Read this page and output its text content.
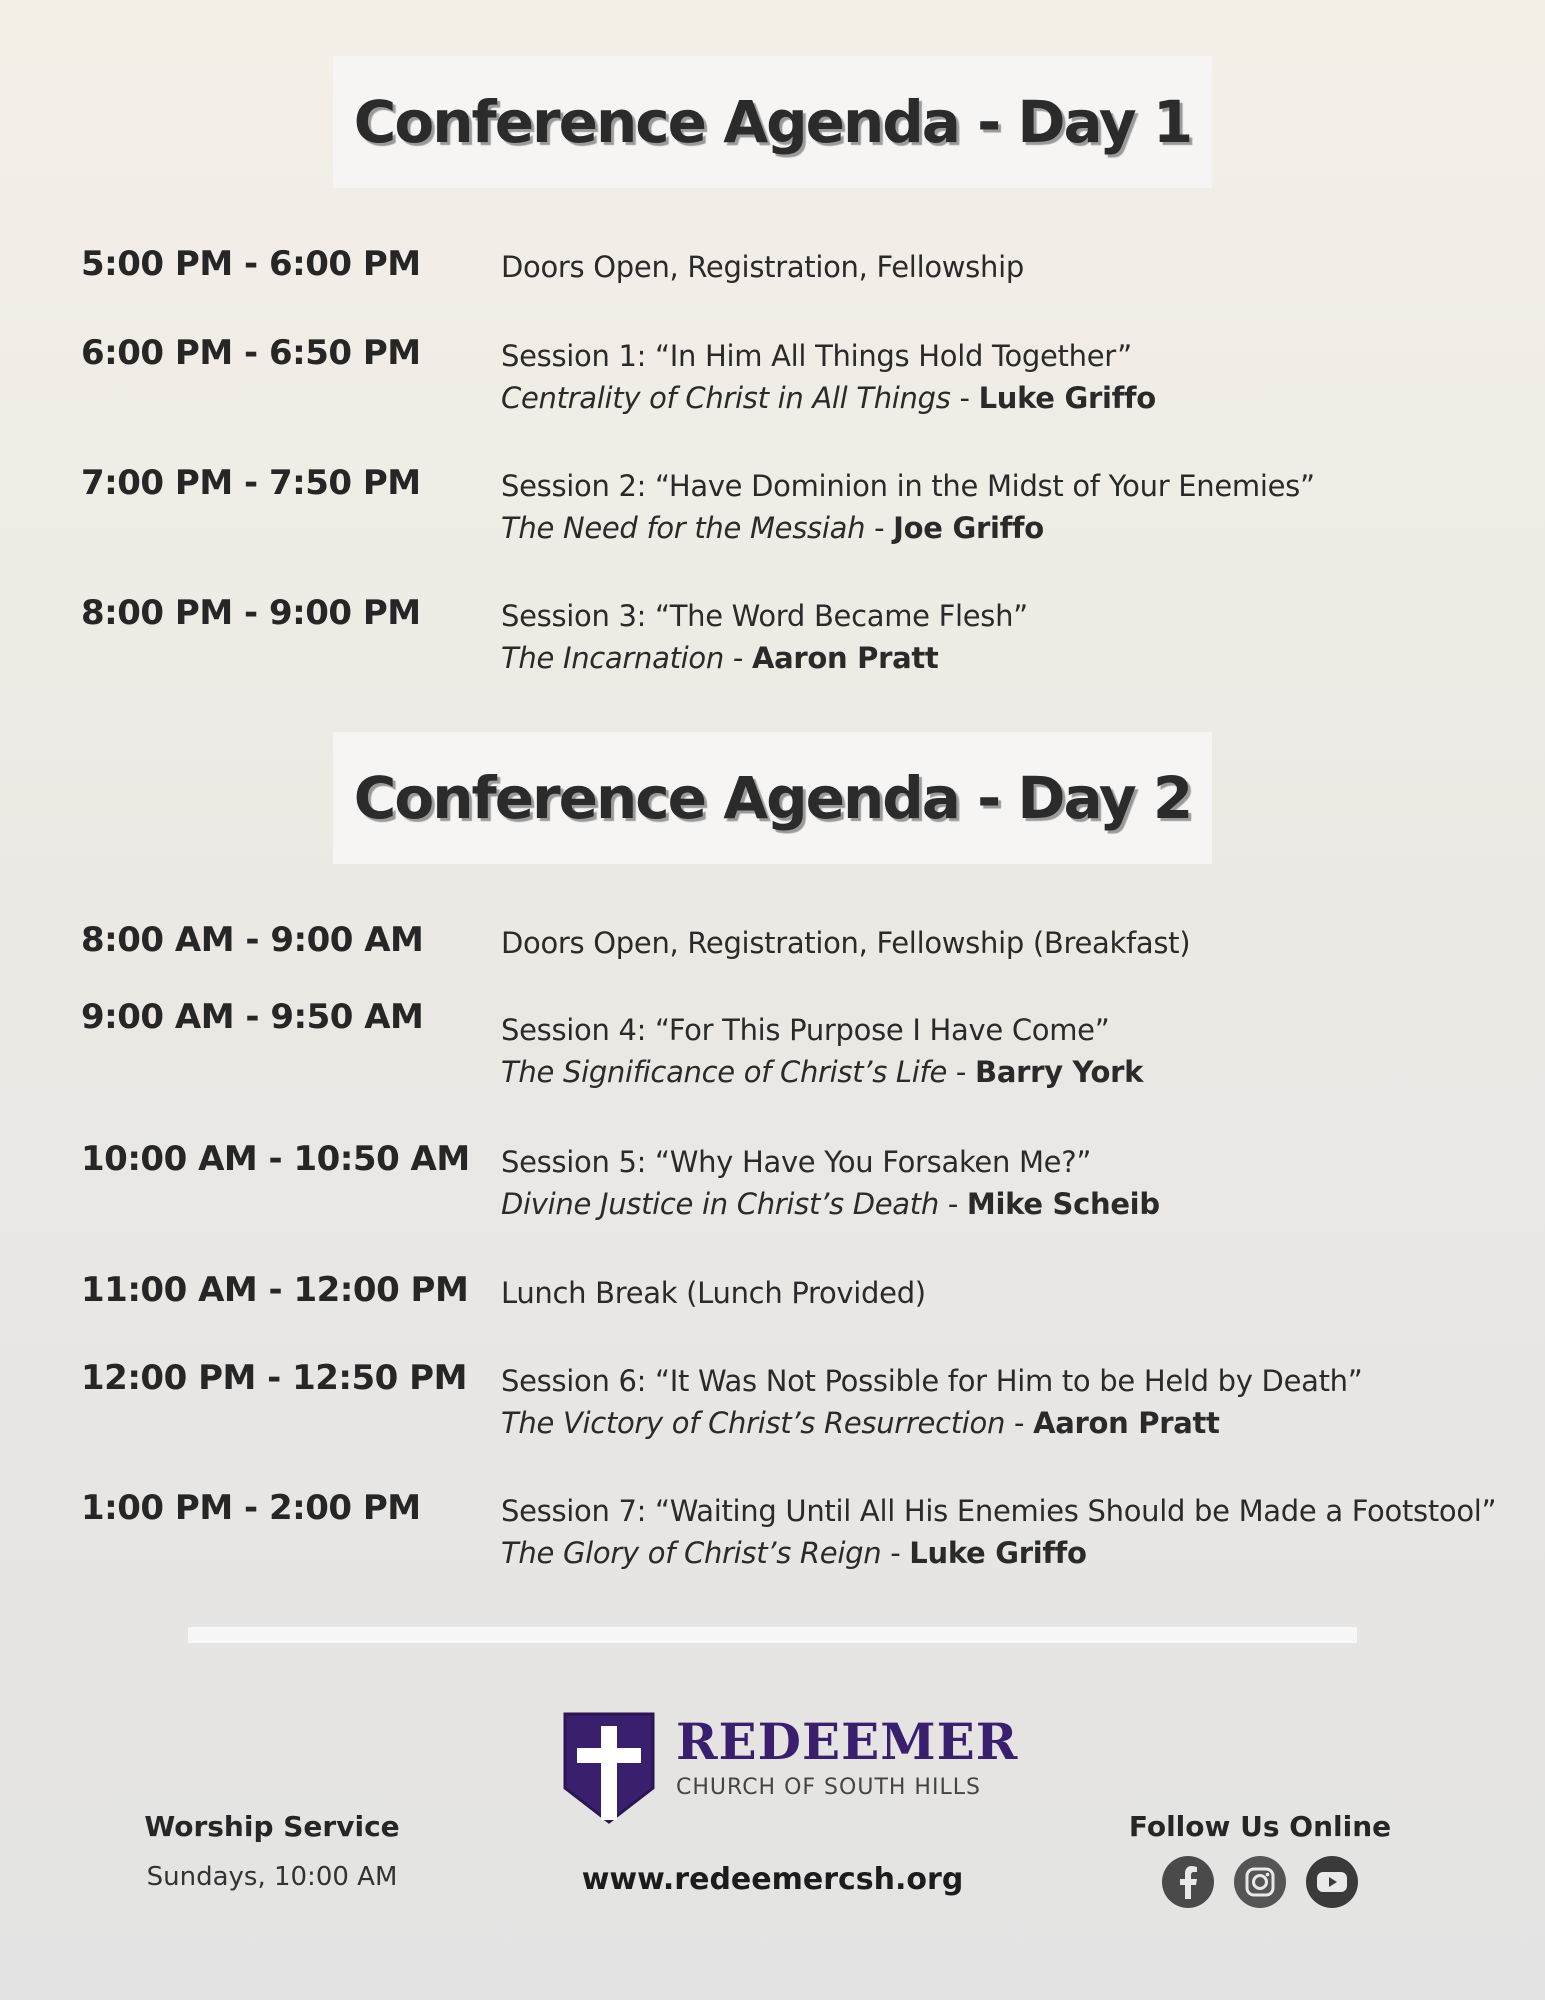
Conference Agenda - Day 1
5:00 PM - 6:00 PM	Doors Open, Registration, Fellowship
6:00 PM - 6:50 PM	Session 1: “In Him All Things Hold Together”
Centrality of Christ in All Things - Luke Griffo
7:00 PM - 7:50 PM	Session 2: “Have Dominion in the Midst of Your Enemies”
The Need for the Messiah - Joe Griffo
8:00 PM - 9:00 PM	Session 3: “The Word Became Flesh”
The Incarnation - Aaron Pratt
Conference Agenda - Day 2
8:00 AM - 9:00 AM	Doors Open, Registration, Fellowship (Breakfast)
9:00 AM - 9:50 AM	Session 4: “For This Purpose I Have Come”
The Significance of Christ’s Life - Barry York
10:00 AM - 10:50 AM Session 5: “Why Have You Forsaken Me?”
Divine Justice in Christ’s Death - Mike Scheib
11:00 AM - 12:00 PM Lunch Break (Lunch Provided)
12:00 PM - 12:50 PM Session 6: “It Was Not Possible for Him to be Held by Death”
The Victory of Christ’s Resurrection - Aaron Pratt
1:00 PM - 2:00 PM	Session 7: “Waiting Until All His Enemies Should be Made a Footstool”
The Glory of Christ’s Reign - Luke Griffo
Worship Service
Sundays, 10:00 AM
REDEEMER
CHURCH OF SOUTH HILLS
www.redeemercsh.org
Follow Us Online
